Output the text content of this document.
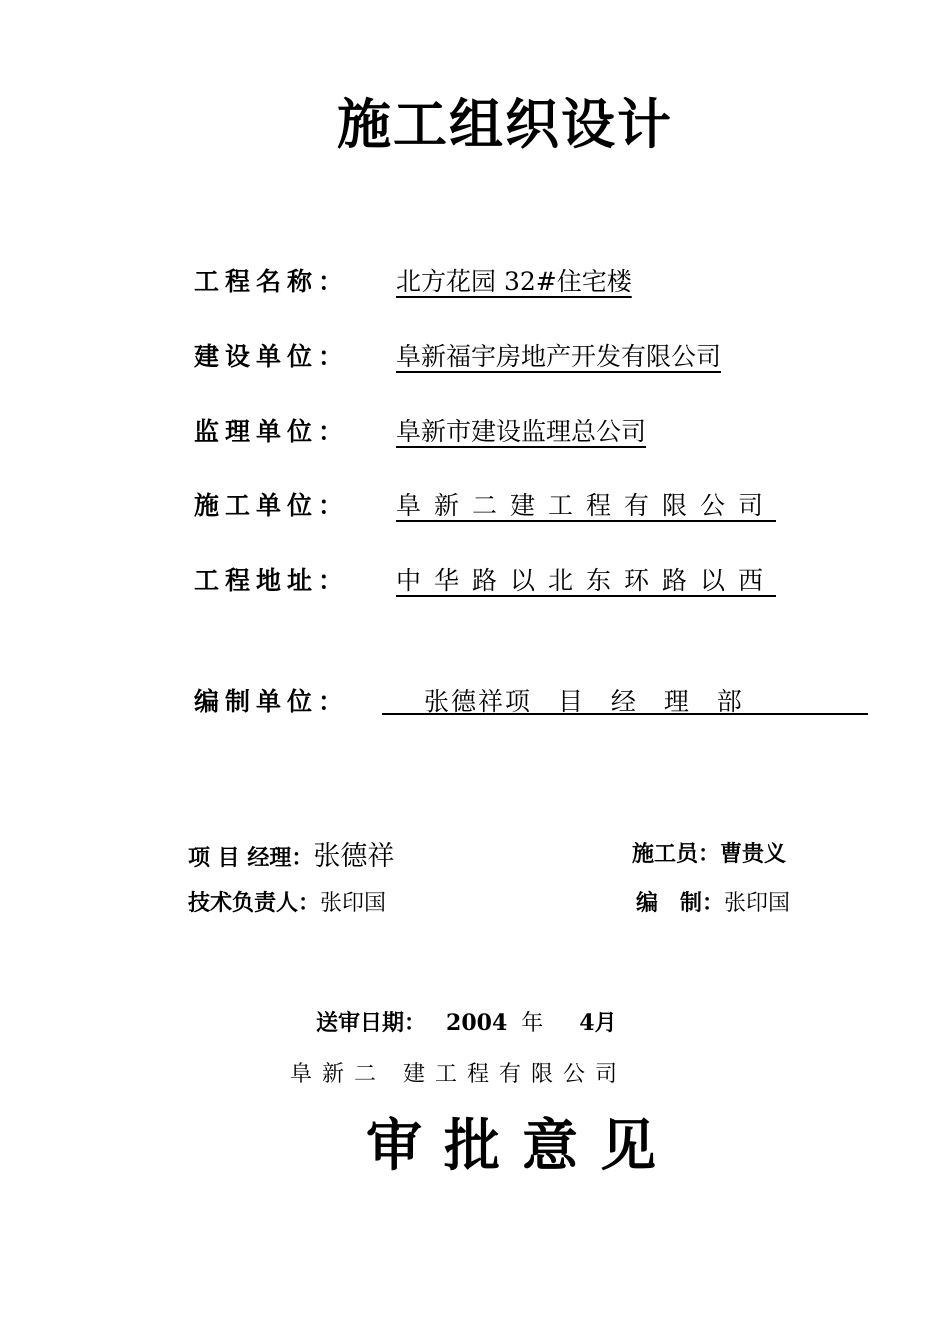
施工组织设计
工程名称： 北方花园 32#住宅楼
建设单位： 阜新福宇房地产开发有限公司
监理单位： 阜新市建设监理总公司
施工单位： 阜新二建工程有限公司
工程地址： 中华路以北东环路以西
编制单位：	张德祥项 目 经 理 部
项 目 经理：张德祥	施工员：曹贵义
技术负责人：张印国	编　制：张印国
送审日期： 2004 年 4月
阜新二 建工程有限公司
审批意见
